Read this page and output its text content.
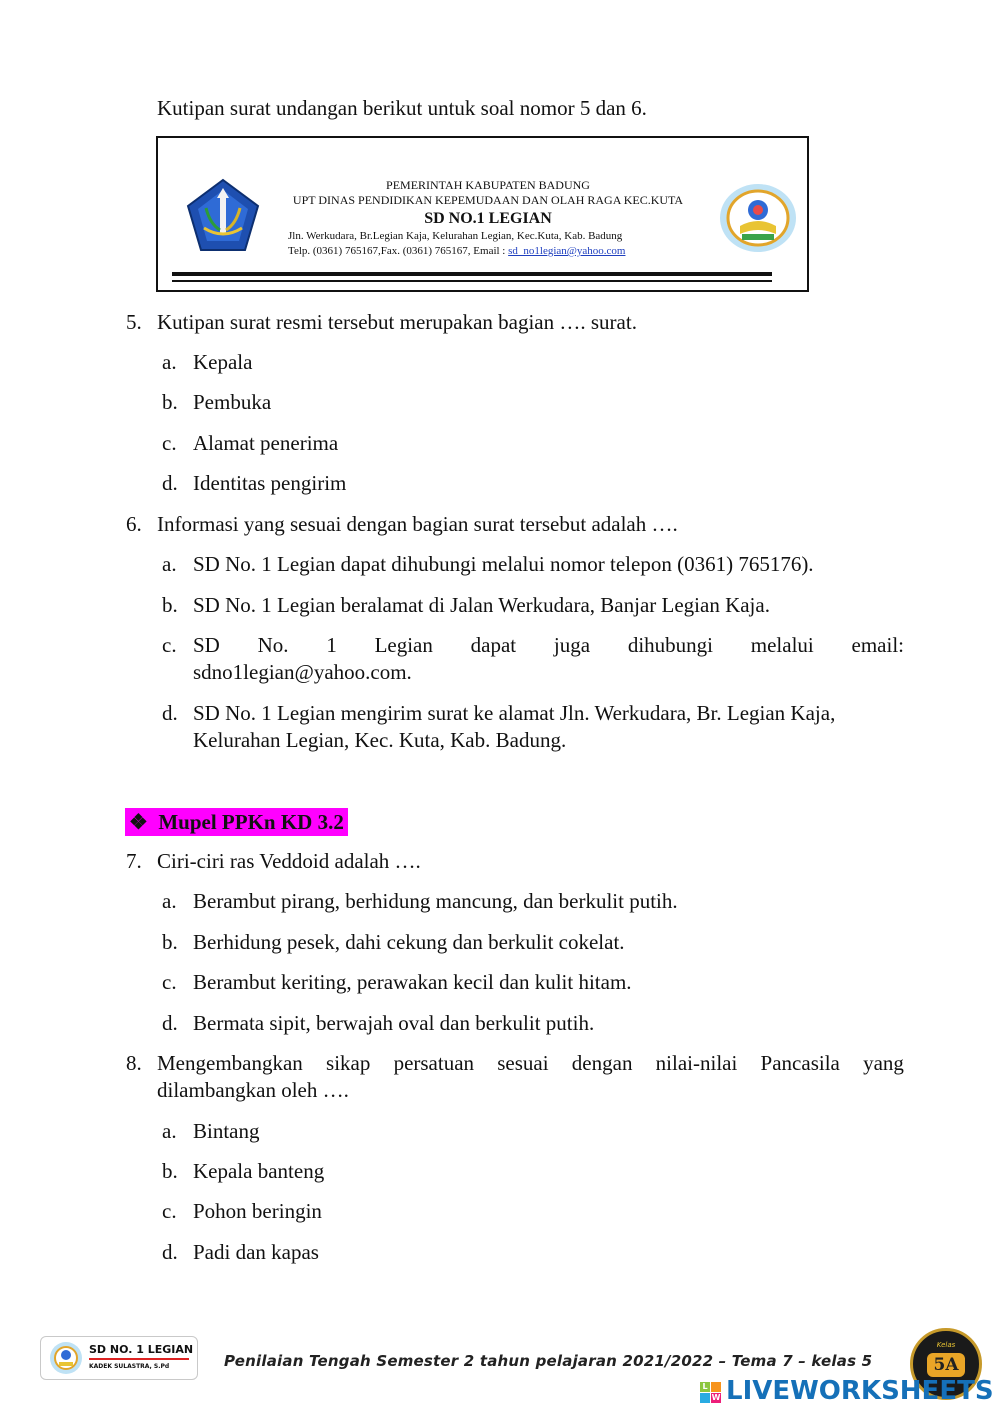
Kutipan surat undangan berikut untuk soal nomor 5 dan 6.
PEMERINTAH KABUPATEN BADUNG
UPT DINAS PENDIDIKAN KEPEMUDAAN DAN OLAH RAGA KEC.KUTA
SD NO.1 LEGIAN
Jln. Werkudara, Br.Legian Kaja, Kelurahan Legian, Kec.Kuta, Kab. Badung
Telp. (0361) 765167,Fax. (0361) 765167, Email : sd_no1legian@yahoo.com
5. Kutipan surat resmi tersebut merupakan bagian …. surat.
a. Kepala
b. Pembuka
c. Alamat penerima
d. Identitas pengirim
6. Informasi yang sesuai dengan bagian surat tersebut adalah ….
a. SD No. 1 Legian dapat dihubungi melalui nomor telepon (0361) 765176).
b. SD No. 1 Legian beralamat di Jalan Werkudara, Banjar Legian Kaja.
c. SD No. 1 Legian dapat juga dihubungi melalui email:
sdno1legian@yahoo.com.
d. SD No. 1 Legian mengirim surat ke alamat Jln. Werkudara, Br. Legian Kaja,
Kelurahan Legian, Kec. Kuta, Kab. Badung.
❖ Mupel PPKn KD 3.2
7. Ciri-ciri ras Veddoid adalah ….
a. Berambut pirang, berhidung mancung, dan berkulit putih.
b. Berhidung pesek, dahi cekung dan berkulit cokelat.
c. Berambut keriting, perawakan kecil dan kulit hitam.
d. Bermata sipit, berwajah oval dan berkulit putih.
8. Mengembangkan sikap persatuan sesuai dengan nilai-nilai Pancasila yang
dilambangkan oleh ….
a. Bintang
b. Kepala banteng
c. Pohon beringin
d. Padi dan kapas
SD NO. 1 LEGIAN
KADEK SULASTRA, S.Pd	Penilaian Tengah Semester 2 tahun pelajaran 2021/2022 – Tema 7 – kelas 5
Kelas
5A
L
W LIVEWORKSHEETS
